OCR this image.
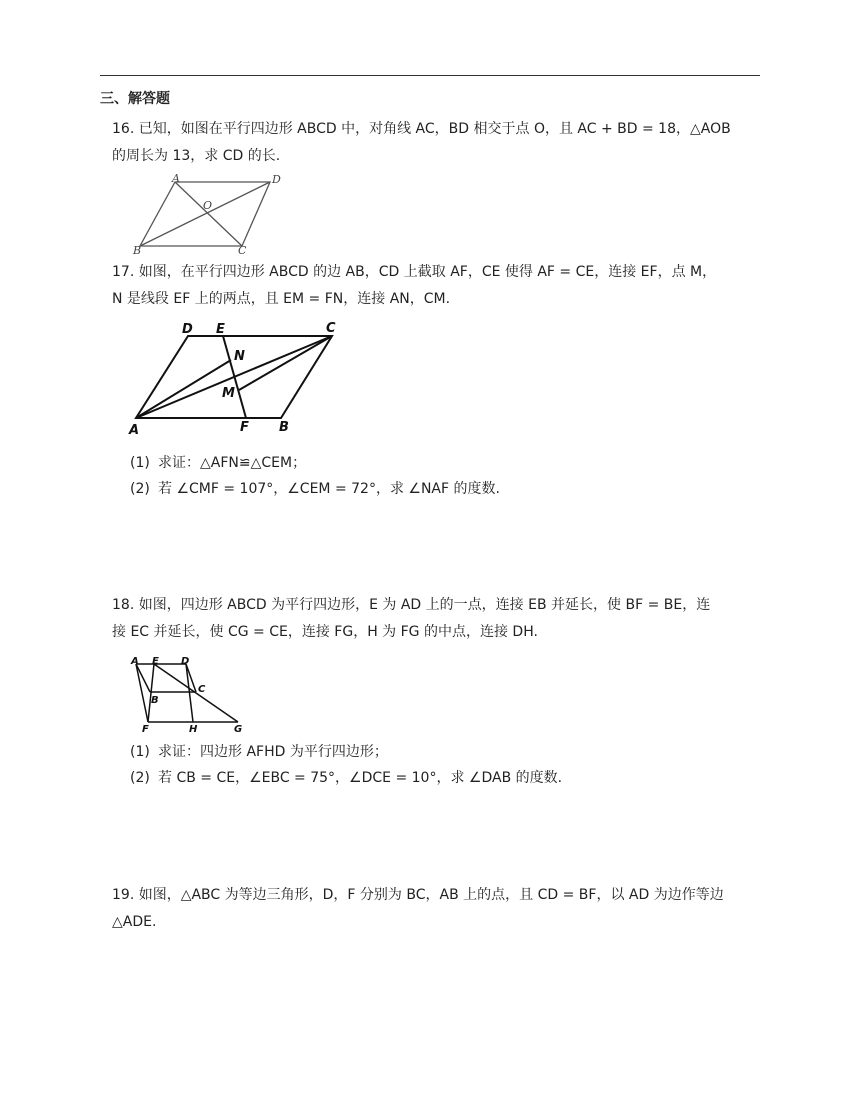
三、解答题
16. 已知，如图在平行四边形 ABCD 中，对角线 AC，BD 相交于点 O，且 AC + BD = 18，△AOB
的周长为 13，求 CD 的长.
A	D
O
B	C
17. 如图，在平行四边形 ABCD 的边 AB，CD 上截取 AF，CE 使得 AF = CE，连接 EF，点 M，
N 是线段 EF 上的两点，且 EM = FN，连接 AN，CM.
D E	C
N
M
A	F B
(1) 求证：△AFN≌△CEM；
(2) 若 ∠CMF = 107°，∠CEM = 72°，求 ∠NAF 的度数.
18. 如图，四边形 ABCD 为平行四边形，E 为 AD 上的一点，连接 EB 并延长，使 BF = BE，连
接 EC 并延长，使 CG = CE，连接 FG，H 为 FG 的中点，连接 DH.
A E D
B
C
F	H	G
(1) 求证：四边形 AFHD 为平行四边形；
(2) 若 CB = CE，∠EBC = 75°，∠DCE = 10°，求 ∠DAB 的度数.
19. 如图，△ABC 为等边三角形，D，F 分别为 BC，AB 上的点，且 CD = BF，以 AD 为边作等边
△ADE.
